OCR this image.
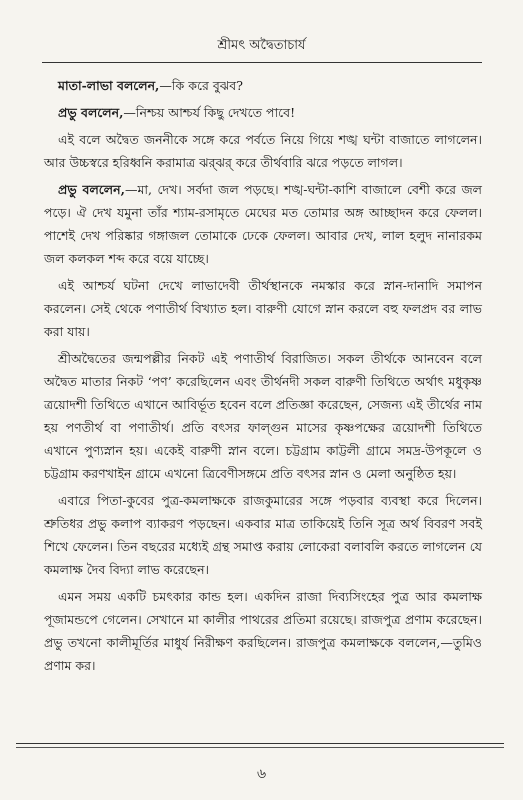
শ্রীমৎ অদ্বৈতাচার্য

মাতা-লাভা বললেন,—কি করে বুঝব?

প্রভু বললেন,—নিশ্চয় আশ্চর্য কিছু দেখতে পাবে!

এই বলে অদ্বৈত জননীকে সঙ্গে করে পর্বতে নিয়ে গিয়ে শঙ্খ ঘন্টা বাজাতে লাগলেন। আর উচ্চস্বরে হরিধ্বনি করামাত্র ঝর্‌ঝর্‌ করে তীর্থবারি ঝরে পড়তে লাগল।

প্রভু বললেন,—মা, দেখ। সর্বদা জল পড়ছে। শঙ্খ-ঘন্টা-কাশি বাজালে বেশী করে জল পড়ে। ঐ দেখ যমুনা তাঁর শ্যাম-রসামৃতে মেঘের মত তোমার অঙ্গ আচ্ছাদন করে ফেলল। পাশেই দেখ পরিষ্কার গঙ্গাজল তোমাকে ঢেকে ফেলল। আবার দেখ, লাল হলুদ নানারকম জল কলকল শব্দ করে বয়ে যাচ্ছে।

এই আশ্চর্য ঘটনা দেখে লাভাদেবী তীর্থস্থানকে নমস্কার করে স্নান-দানাদি সমাপন করলেন। সেই থেকে পণাতীর্থ বিখ্যাত হল। বারুণী যোগে স্নান করলে বহু ফলপ্রদ বর লাভ করা যায়।

শ্রীঅদ্বৈতের জন্মপল্লীর নিকট এই পণাতীর্থ বিরাজিত। সকল তীর্থকে আনবেন বলে অদ্বৈত মাতার নিকট ‘পণ’ করেছিলেন এবং তীর্থনদী সকল বারুণী তিথিতে অর্থাৎ মধুকৃষ্ণ ত্রয়োদশী তিথিতে এখানে আবির্ভূত হবেন বলে প্রতিজ্ঞা করেছেন, সেজন্য এই তীর্থের নাম হয় পণতীর্থ বা পণাতীর্থ। প্রতি বৎসর ফাল্গুন মাসের কৃষ্ণপক্ষের ত্রয়োদশী তিথিতে এখানে পুণ্যস্নান হয়। একেই বারুণী স্নান বলে। চট্টগ্রাম কাট্টলী গ্রামে সমদ্র-উপকূলে ও চট্টগ্রাম করণখাইন গ্রামে এখনো ত্রিবেণীসঙ্গমে প্রতি বৎসর স্নান ও মেলা অনুষ্ঠিত হয়।

এবারে পিতা-কুবের পুত্র-কমলাক্ষকে রাজকুমারের সঙ্গে পড়বার ব্যবস্থা করে দিলেন। শ্রুতিধর প্রভু কলাপ ব্যাকরণ পড়ছেন। একবার মাত্র তাকিয়েই তিনি সূত্র অর্থ বিবরণ সবই শিখে ফেলেন। তিন বছরের মধ্যেই গ্রন্থ সমাপ্ত করায় লোকেরা বলাবলি করতে লাগলেন যে কমলাক্ষ দৈব বিদ্যা লাভ করেছেন।

এমন সময় একটি চমৎকার কান্ড হল। একদিন রাজা দিব্যসিংহের পুত্র আর কমলাক্ষ পূজামন্ডপে গেলেন। সেখানে মা কালীর পাথরের প্রতিমা রয়েছে। রাজপুত্র প্রণাম করেছেন। প্রভু তখনো কালীমূর্তির মাধুর্য নিরীক্ষণ করছিলেন। রাজপুত্র কমলাক্ষকে বললেন,—তুমিও প্রণাম কর।

৬
